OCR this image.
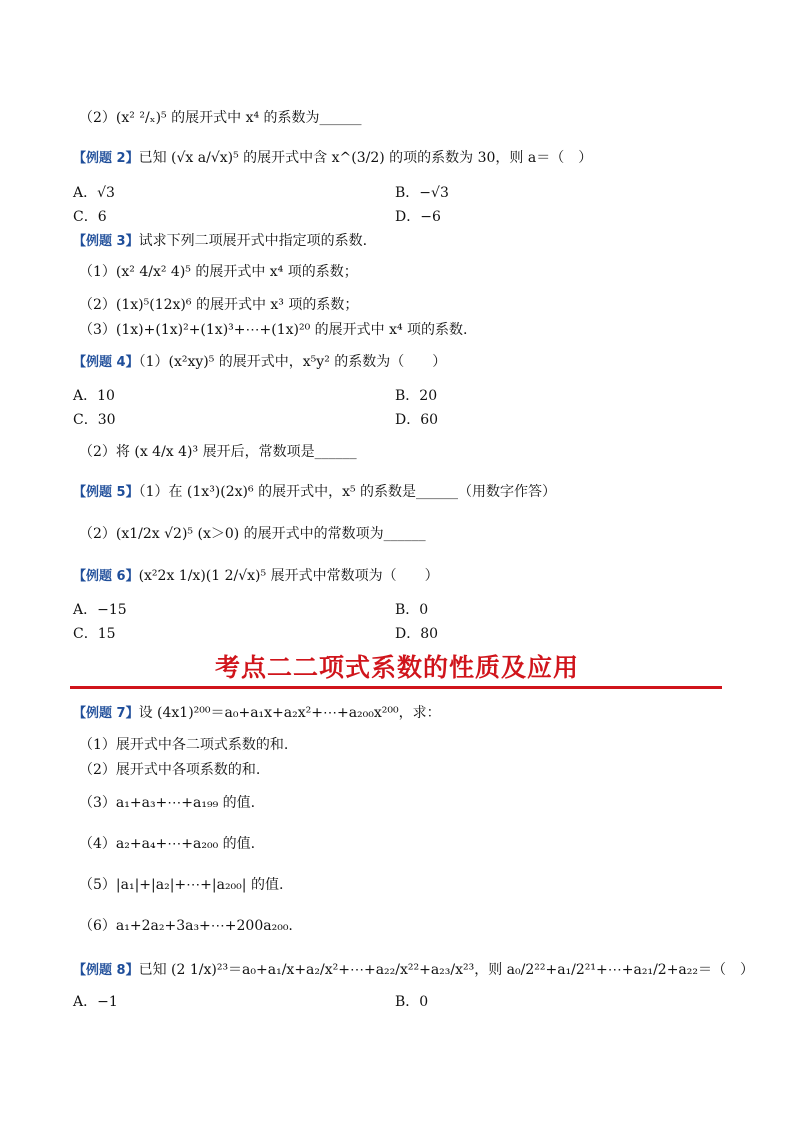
（2）(x² ²/ₓ)⁵ 的展开式中 x⁴ 的系数为______
【例题 2】已知 (√x a/√x)⁵ 的展开式中含 x^(3/2) 的项的系数为 30，则 a＝（　）
A．√3	B．−√3
C．6	D．−6
【例题 3】试求下列二项展开式中指定项的系数.
（1）(x² 4/x² 4)⁵ 的展开式中 x⁴ 项的系数；
（2）(1x)⁵(12x)⁶ 的展开式中 x³ 项的系数；
（3）(1x)+(1x)²+(1x)³+⋯+(1x)²⁰ 的展开式中 x⁴ 项的系数.
【例题 4】（1）(x²xy)⁵ 的展开式中，x⁵y² 的系数为（　　）
A．10	B．20
C．30	D．60
（2）将 (x 4/x 4)³ 展开后，常数项是______
【例题 5】（1）在 (1x³)(2x)⁶ 的展开式中，x⁵ 的系数是______（用数字作答）
（2）(x1/2x √2)⁵ (x＞0) 的展开式中的常数项为______
【例题 6】(x²2x 1/x)(1 2/√x)⁵ 展开式中常数项为（　　）
A．−15	B．0
C．15	D．80
【例题 7】设 (4x1)²⁰⁰＝a₀+a₁x+a₂x²+⋯+a₂₀₀x²⁰⁰，求：
（1）展开式中各二项式系数的和.
（2）展开式中各项系数的和.
（3）a₁+a₃+⋯+a₁₉₉ 的值.
（4）a₂+a₄+⋯+a₂₀₀ 的值.
（5）|a₁|+|a₂|+⋯+|a₂₀₀| 的值.
（6）a₁+2a₂+3a₃+⋯+200a₂₀₀.
【例题 8】已知 (2 1/x)²³＝a₀+a₁/x+a₂/x²+⋯+a₂₂/x²²+a₂₃/x²³，则 a₀/2²²+a₁/2²¹+⋯+a₂₁/2+a₂₂＝（　）
A．−1	B．0
考点二二项式系数的性质及应用
